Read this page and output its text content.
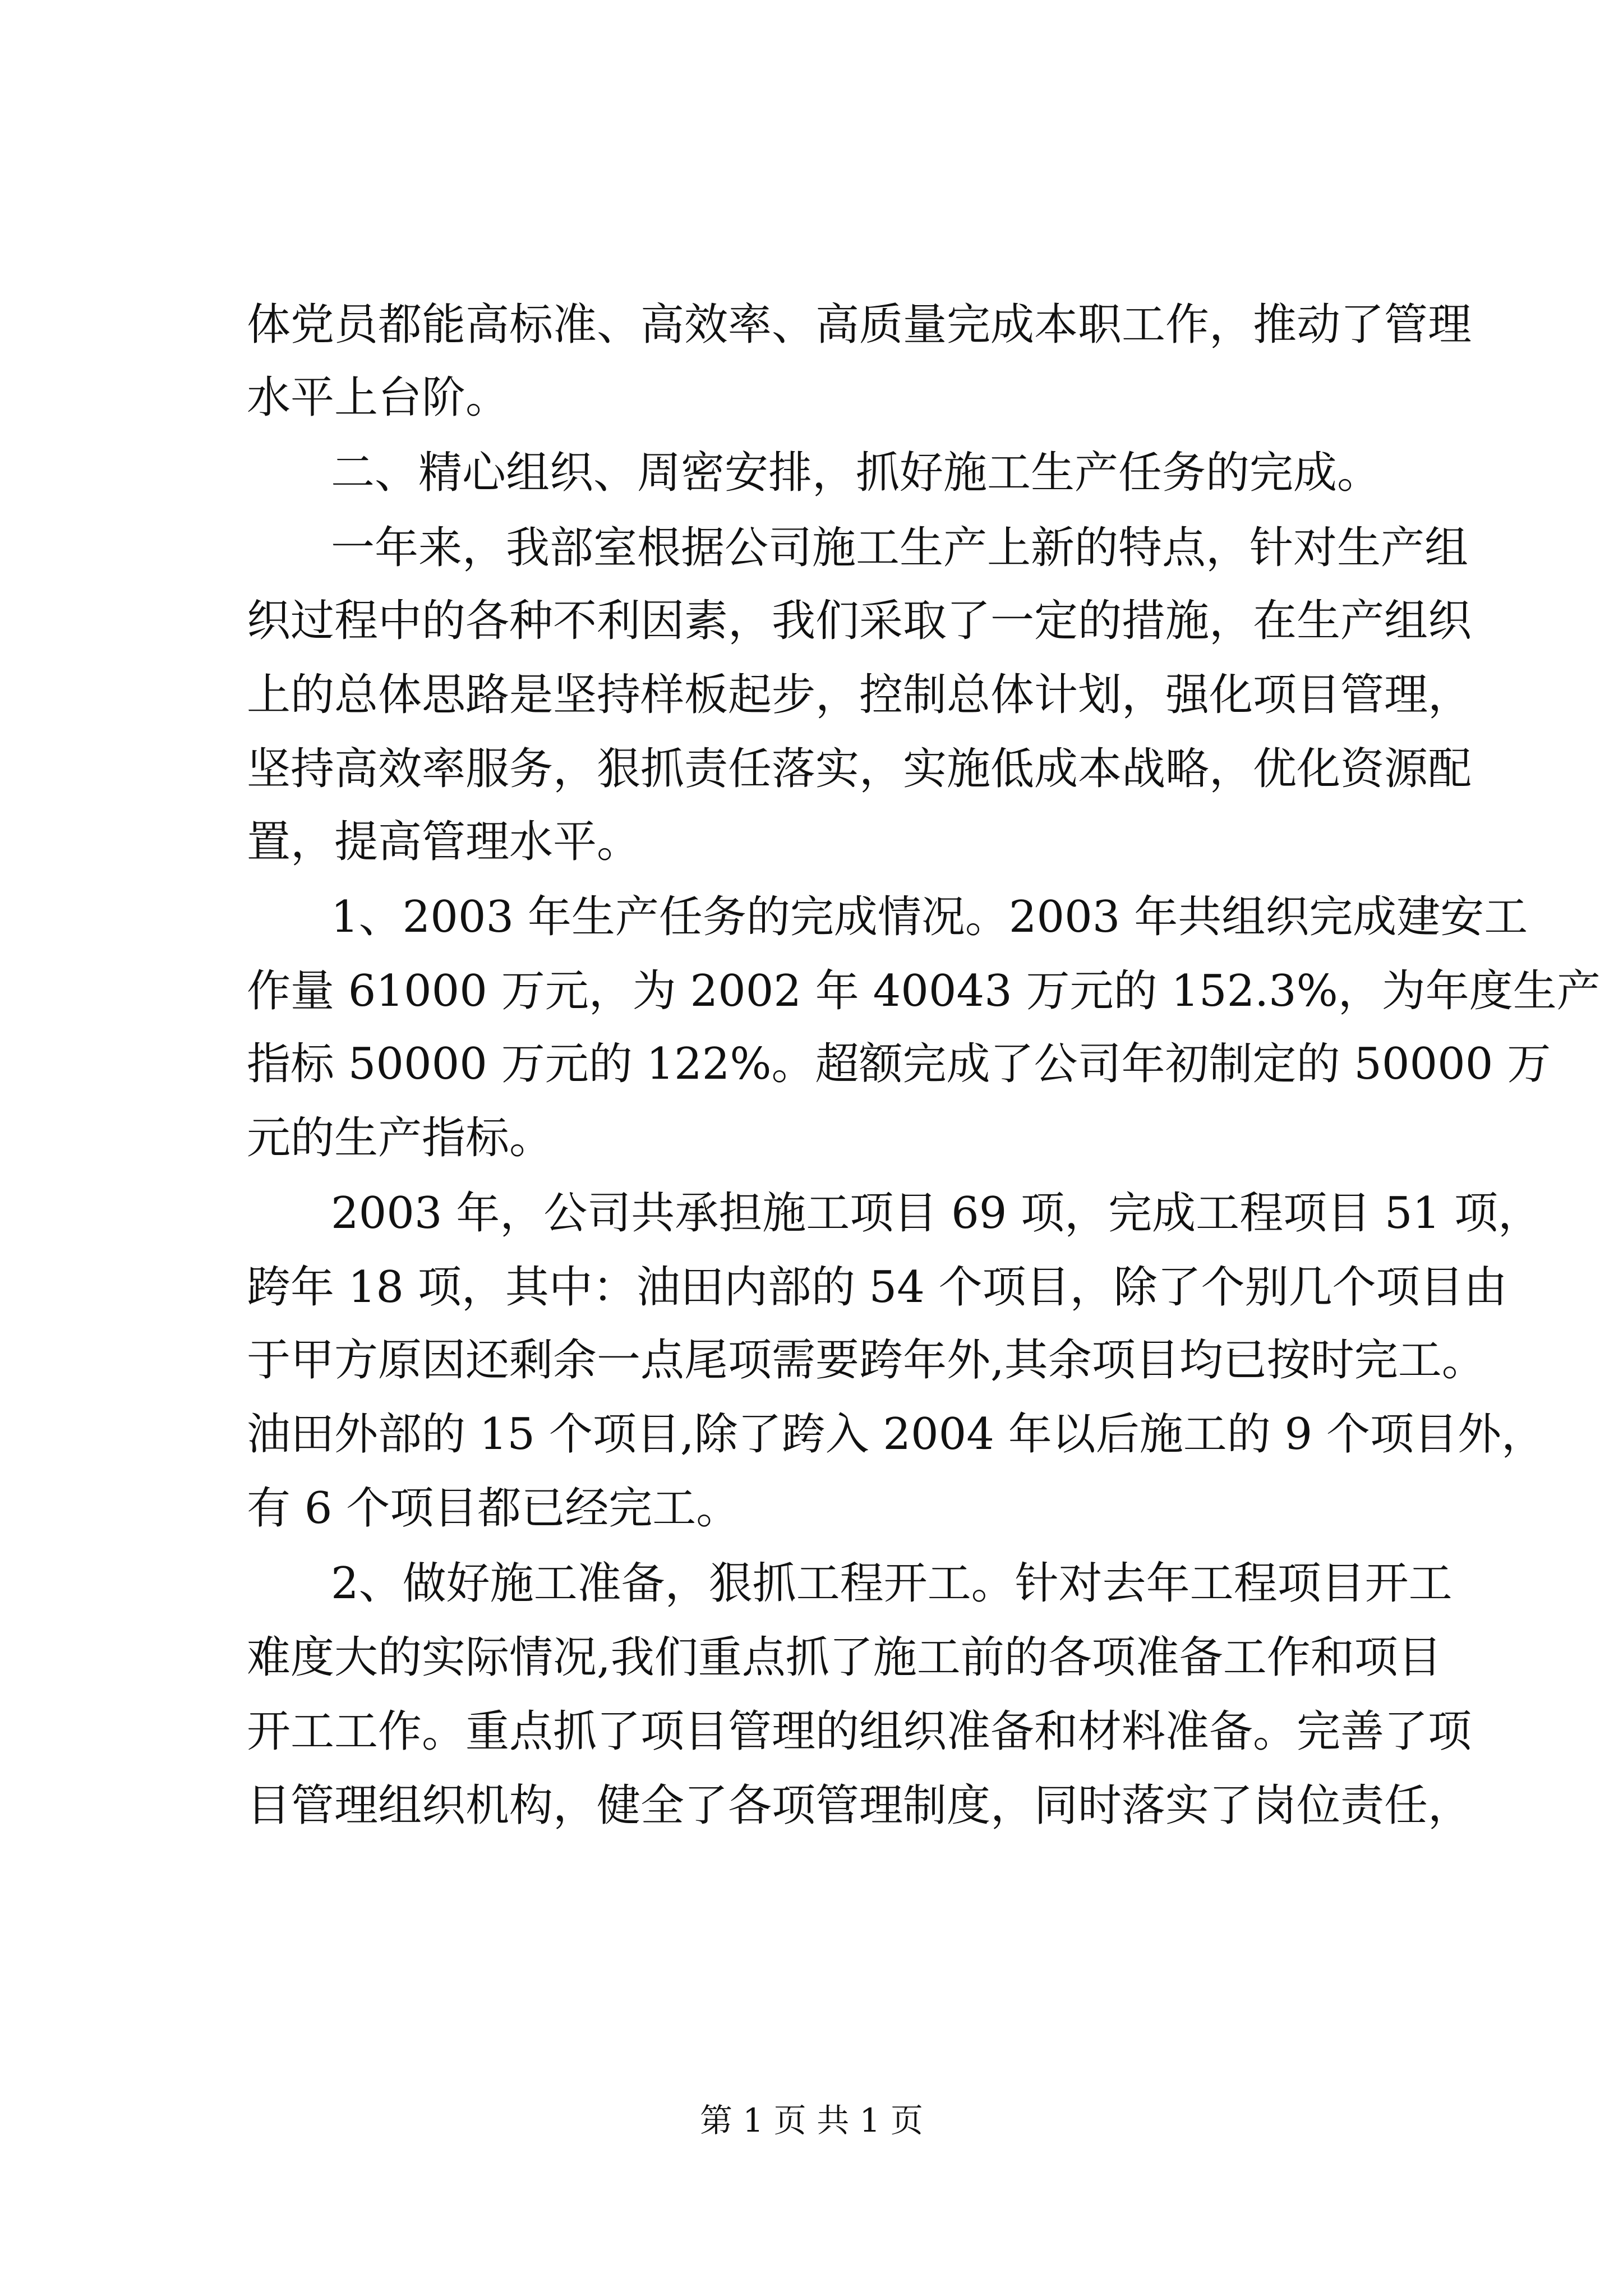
体党员都能高标准、高效率、高质量完成本职工作，推动了管理
水平上台阶。
二、精心组织、周密安排，抓好施工生产任务的完成。
一年来，我部室根据公司施工生产上新的特点，针对生产组
织过程中的各种不利因素，我们采取了一定的措施，在生产组织
上的总体思路是坚持样板起步，控制总体计划，强化项目管理，
坚持高效率服务，狠抓责任落实，实施低成本战略，优化资源配
置，提高管理水平。
1、2003 年生产任务的完成情况。2003 年共组织完成建安工
作量 61000 万元，为 2002 年 40043 万元的 152.3%，为年度生产
指标 50000 万元的 122%。超额完成了公司年初制定的 50000 万
元的生产指标。
2003 年，公司共承担施工项目 69 项，完成工程项目 51 项，
跨年 18 项，其中：油田内部的 54 个项目，除了个别几个项目由
于甲方原因还剩余一点尾项需要跨年外,其余项目均已按时完工。
油田外部的 15 个项目,除了跨入 2004 年以后施工的 9 个项目外，
有 6 个项目都已经完工。
2、做好施工准备，狠抓工程开工。针对去年工程项目开工
难度大的实际情况,我们重点抓了施工前的各项准备工作和项目
开工工作。重点抓了项目管理的组织准备和材料准备。完善了项
目管理组织机构，健全了各项管理制度，同时落实了岗位责任，
第 1 页 共 1 页
